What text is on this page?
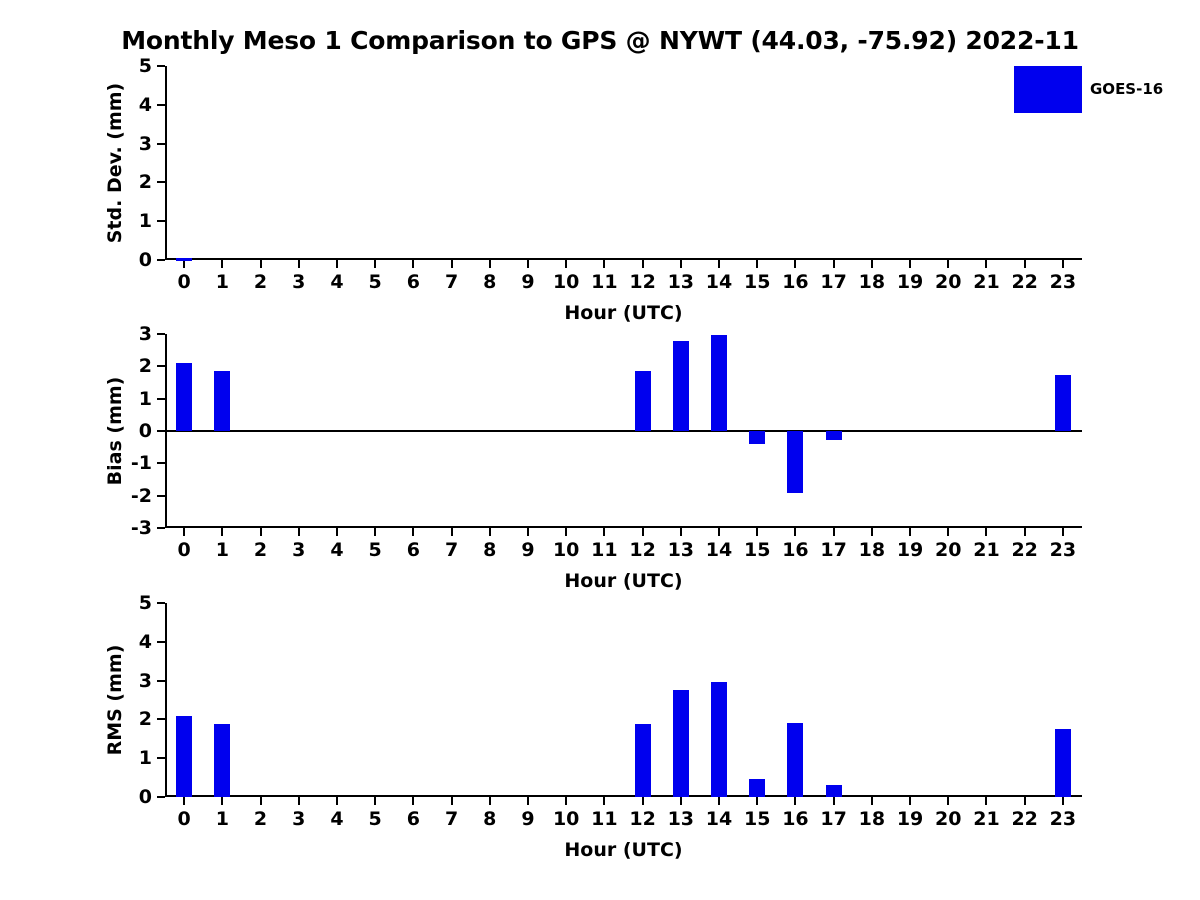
Monthly Meso 1 Comparison to GPS @ NYWT (44.03, -75.92) 2022-11
0
1
2
3
4
5
0 1 2 3 4 5 6 7 8 9 10 11 12 13 14 15 16 17 18 19 20 21 22 23
Hour (UTC)
Std. Dev. (mm)
-3
-2
-1
0
1
2
3
0 1 2 3 4 5 6 7 8 9 10 11 12 13 14 15 16 17 18 19 20 21 22 23
Hour (UTC)
Bias (mm)
0
1
2
3
4
5
0 1 2 3 4 5 6 7 8 9 10 11 12 13 14 15 16 17 18 19 20 21 22 23
Hour (UTC)
RMS (mm)
GOES-16
